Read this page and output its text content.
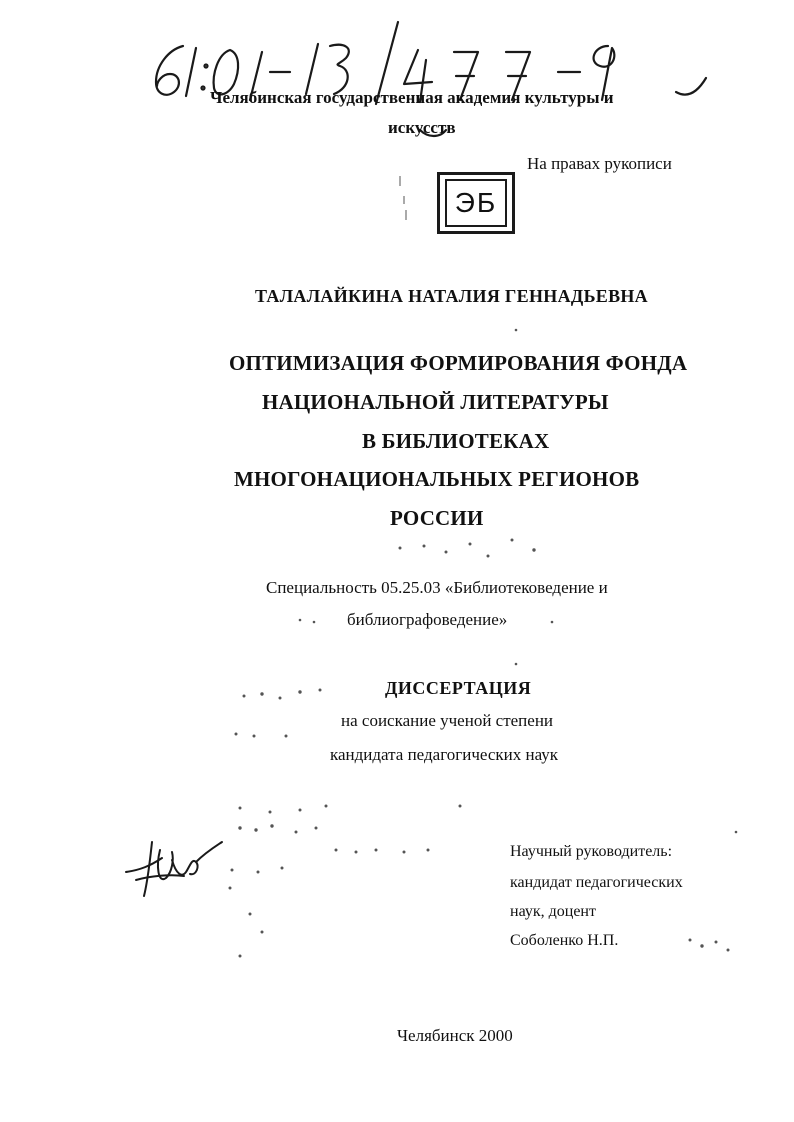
Челябинская государственная академия культуры и
искусств
На правах рукописи
ЭБ
ТАЛАЛАЙКИНА НАТАЛИЯ ГЕННАДЬЕВНА
ОПТИМИЗАЦИЯ ФОРМИРОВАНИЯ ФОНДА
НАЦИОНАЛЬНОЙ ЛИТЕРАТУРЫ
В БИБЛИОТЕКАХ
МНОГОНАЦИОНАЛЬНЫХ РЕГИОНОВ
РОССИИ
Специальность 05.25.03 «Библиотековедение и
библиографоведение»
ДИССЕРТАЦИЯ
на соискание ученой степени
кандидата педагогических наук
Научный руководитель:
кандидат педагогических
наук, доцент
Соболенко Н.П.
Челябинск 2000
